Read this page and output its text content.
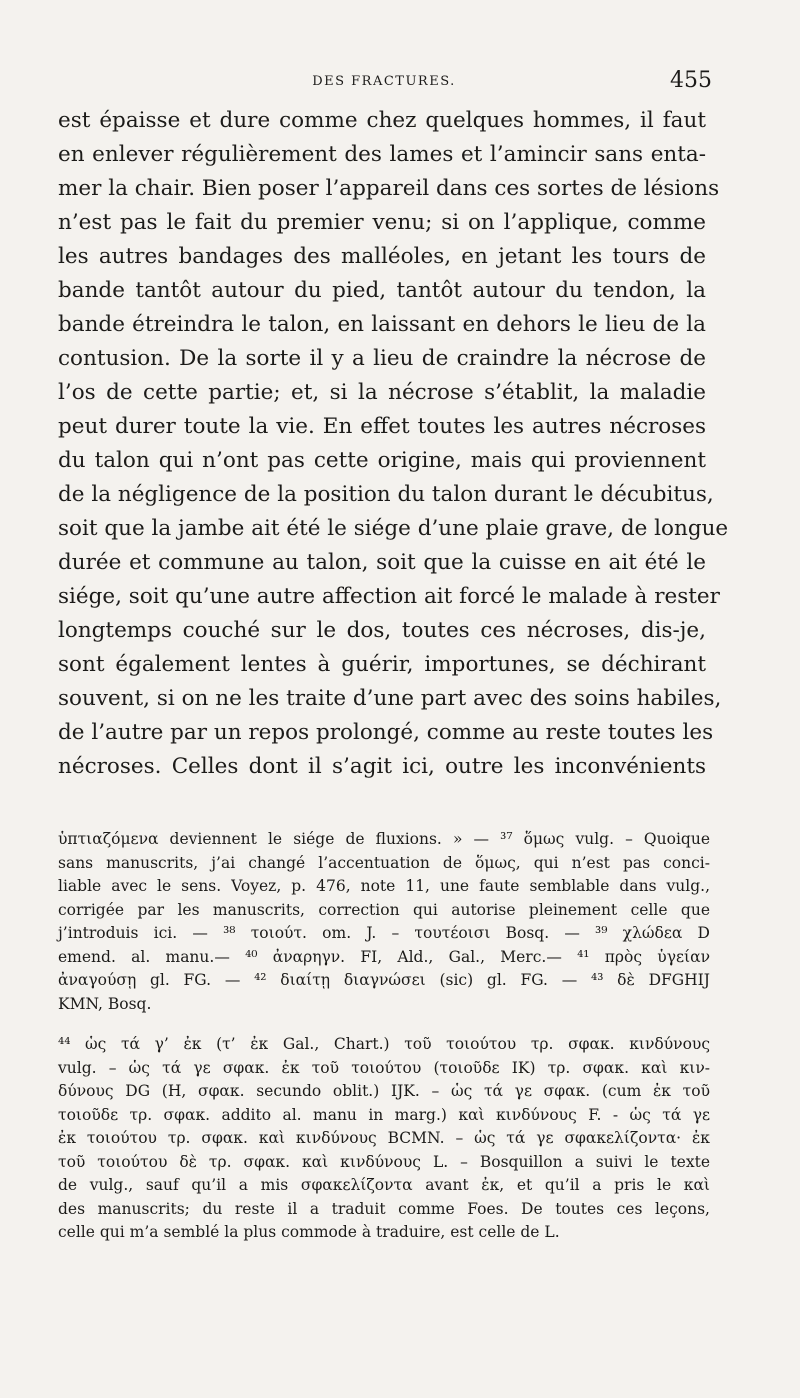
DES FRACTURES.	455
est épaisse et dure comme chez quelques hommes, il faut
en enlever régulièrement des lames et l’amincir sans enta-
mer la chair. Bien poser l’appareil dans ces sortes de lésions
n’est pas le fait du premier venu; si on l’applique, comme
les autres bandages des malléoles, en jetant les tours de
bande tantôt autour du pied, tantôt autour du tendon, la
bande étreindra le talon, en laissant en dehors le lieu de la
contusion. De la sorte il y a lieu de craindre la nécrose de
l’os de cette partie; et, si la nécrose s’établit, la maladie
peut durer toute la vie. En effet toutes les autres nécroses
du talon qui n’ont pas cette origine, mais qui proviennent
de la négligence de la position du talon durant le décubitus,
soit que la jambe ait été le siége d’une plaie grave, de longue
durée et commune au talon, soit que la cuisse en ait été le
siége, soit qu’une autre affection ait forcé le malade à rester
longtemps couché sur le dos, toutes ces nécroses, dis-je,
sont également lentes à guérir, importunes, se déchirant
souvent, si on ne les traite d’une part avec des soins habiles,
de l’autre par un repos prolongé, comme au reste toutes les
nécroses. Celles dont il s’agit ici, outre les inconvénients
ὑπτιαζόμενα deviennent le siége de fluxions. » — ³⁷ ὅμως vulg. – Quoique
sans manuscrits, j’ai changé l’accentuation de ὅμως, qui n’est pas conci-
liable avec le sens. Voyez, p. 476, note 11, une faute semblable dans vulg.,
corrigée par les manuscrits, correction qui autorise pleinement celle que
j’introduis ici. — ³⁸ τοιούτ. om. J. – τουτέοισι Bosq. — ³⁹ χλώδεα D
emend. al. manu.— ⁴⁰ ἀναρηγν. FI, Ald., Gal., Merc.— ⁴¹ πρὸς ὑγείαν
ἀναγούσῃ gl. FG. — ⁴² διαίτῃ διαγνώσει (sic) gl. FG. — ⁴³ δὲ DFGHIJ
KMN, Bosq.
⁴⁴ ὡς τά γ’ ἐκ (τ’ ἐκ Gal., Chart.) τοῦ τοιούτου τρ. σφακ. κινδύνους
vulg. – ὡς τά γε σφακ. ἐκ τοῦ τοιούτου (τοιοῦδε IK) τρ. σφακ. καὶ κιν-
δύνους DG (H, σφακ. secundo oblit.) IJK. – ὡς τά γε σφακ. (cum ἐκ τοῦ
τοιοῦδε τρ. σφακ. addito al. manu in marg.) καὶ κινδύνους F. - ὡς τά γε
ἐκ τοιούτου τρ. σφακ. καὶ κινδύνους BCMN. – ὡς τά γε σφακελίζοντα· ἐκ
τοῦ τοιούτου δὲ τρ. σφακ. καὶ κινδύνους L. – Bosquillon a suivi le texte
de vulg., sauf qu’il a mis σφακελίζοντα avant ἐκ, et qu’il a pris le καὶ
des manuscrits; du reste il a traduit comme Foes. De toutes ces leçons,
celle qui m’a semblé la plus commode à traduire, est celle de L.
